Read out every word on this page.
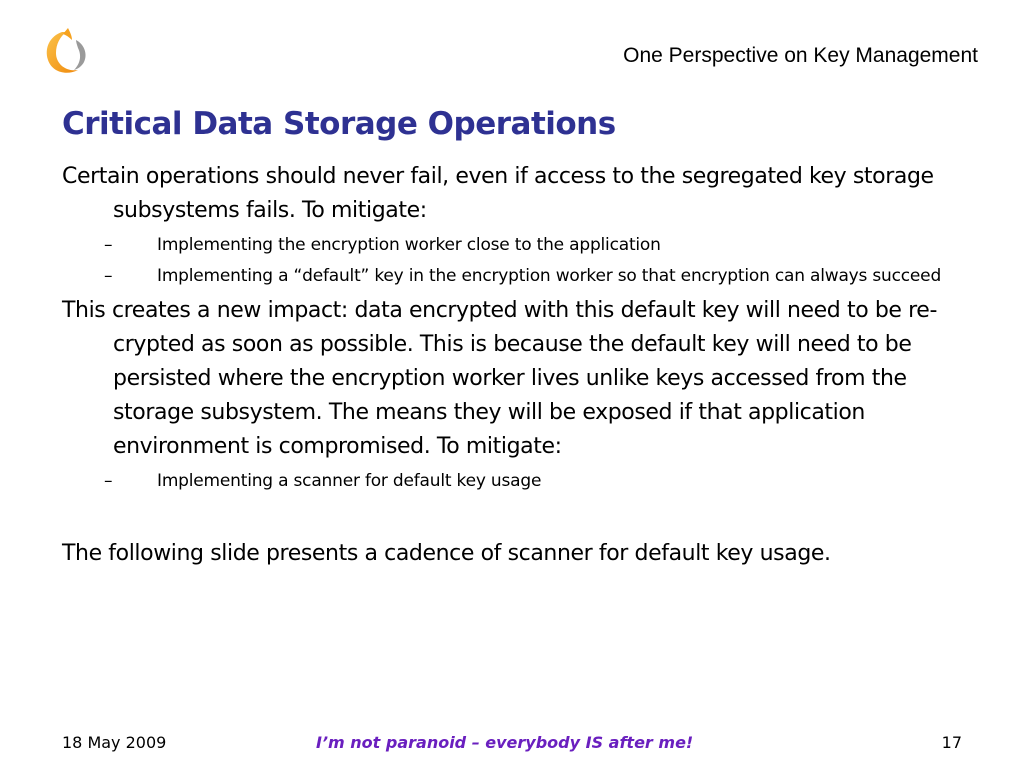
One Perspective on Key Management
Critical Data Storage Operations

Certain operations should never fail, even if access to the segregated key storage subsystems fails. To mitigate:

–	Implementing the encryption worker close to the application

–	Implementing a “default” key in the encryption worker so that encryption can always succeed

This creates a new impact: data encrypted with this default key will need to be re-crypted as soon as possible. This is because the default key will need to be persisted where the encryption worker lives unlike keys accessed from the storage subsystem. The means they will be exposed if that application environment is compromised. To mitigate:

–	Implementing a scanner for default key usage

The following slide presents a cadence of scanner for default key usage.

18 May 2009	I’m not paranoid – everybody IS after me!	17
